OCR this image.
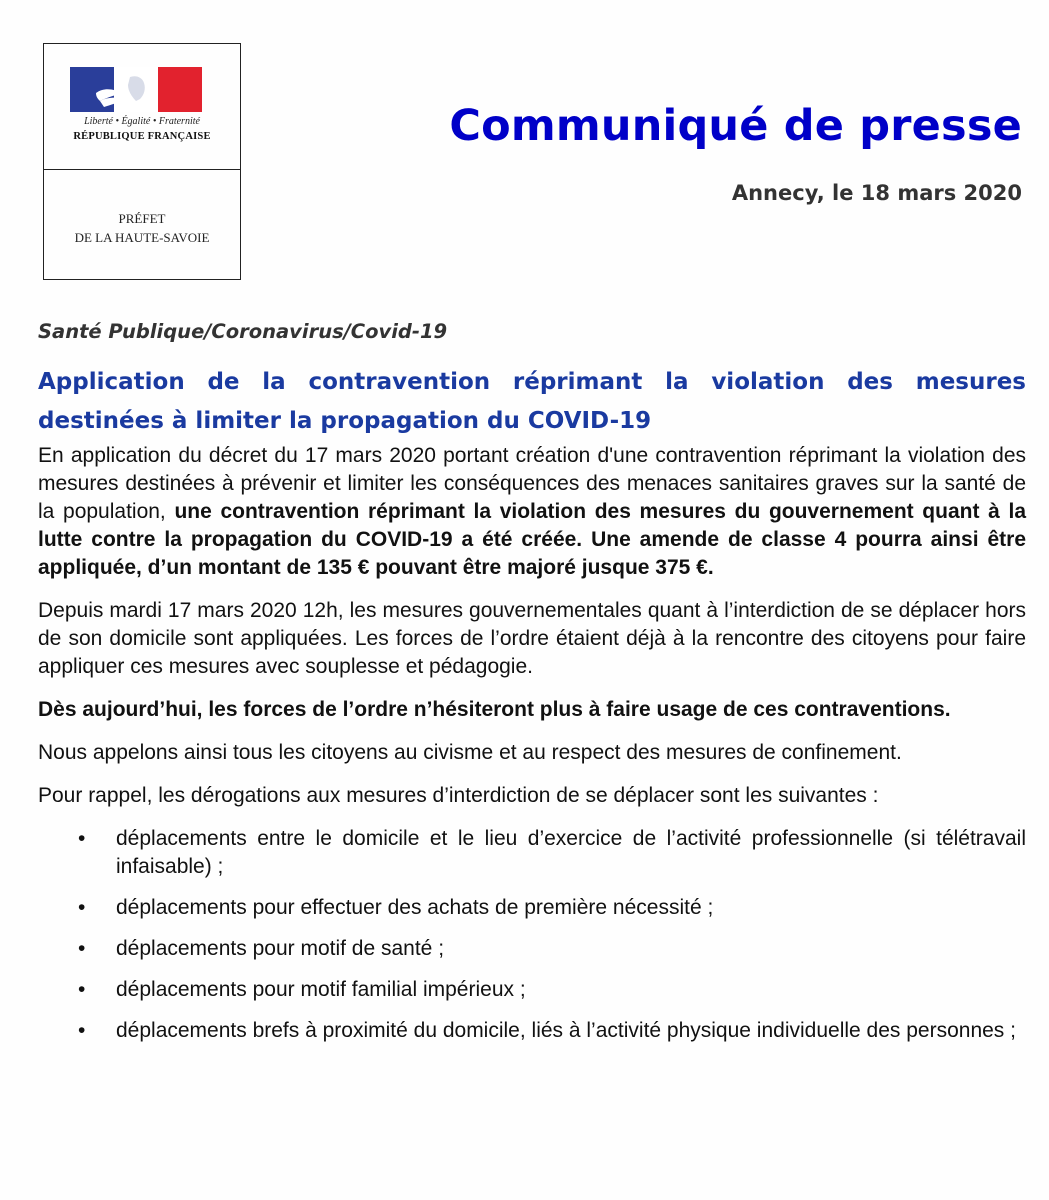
Liberté • Égalité • Fraternité
RÉPUBLIQUE FRANÇAISE
PRÉFET
DE LA HAUTE-SAVOIE
Communiqué de presse
Annecy, le 18 mars 2020
Santé Publique/Coronavirus/Covid-19
Application de la contravention réprimant la violation des mesures destinées à limiter la propagation du COVID-19

En application du décret du 17 mars 2020 portant création d'une contravention réprimant la violation des mesures destinées à prévenir et limiter les conséquences des menaces sanitaires graves sur la santé de la population, une contravention réprimant la violation des mesures du gouvernement quant à la lutte contre la propagation du COVID-19 a été créée. Une amende de classe 4 pourra ainsi être appliquée, d’un montant de 135 € pouvant être majoré jusque 375 €.

Depuis mardi 17 mars 2020 12h, les mesures gouvernementales quant à l’interdiction de se déplacer hors de son domicile sont appliquées. Les forces de l’ordre étaient déjà à la rencontre des citoyens pour faire appliquer ces mesures avec souplesse et pédagogie.

Dès aujourd’hui, les forces de l’ordre n’hésiteront plus à faire usage de ces contraventions.

Nous appelons ainsi tous les citoyens au civisme et au respect des mesures de confinement.

Pour rappel, les dérogations aux mesures d’interdiction de se déplacer sont les suivantes :

• déplacements entre le domicile et le lieu d’exercice de l’activité professionnelle (si télétravail infaisable) ;
• déplacements pour effectuer des achats de première nécessité ;
• déplacements pour motif de santé ;
• déplacements pour motif familial impérieux ;
• déplacements brefs à proximité du domicile, liés à l’activité physique individuelle des personnes ;
